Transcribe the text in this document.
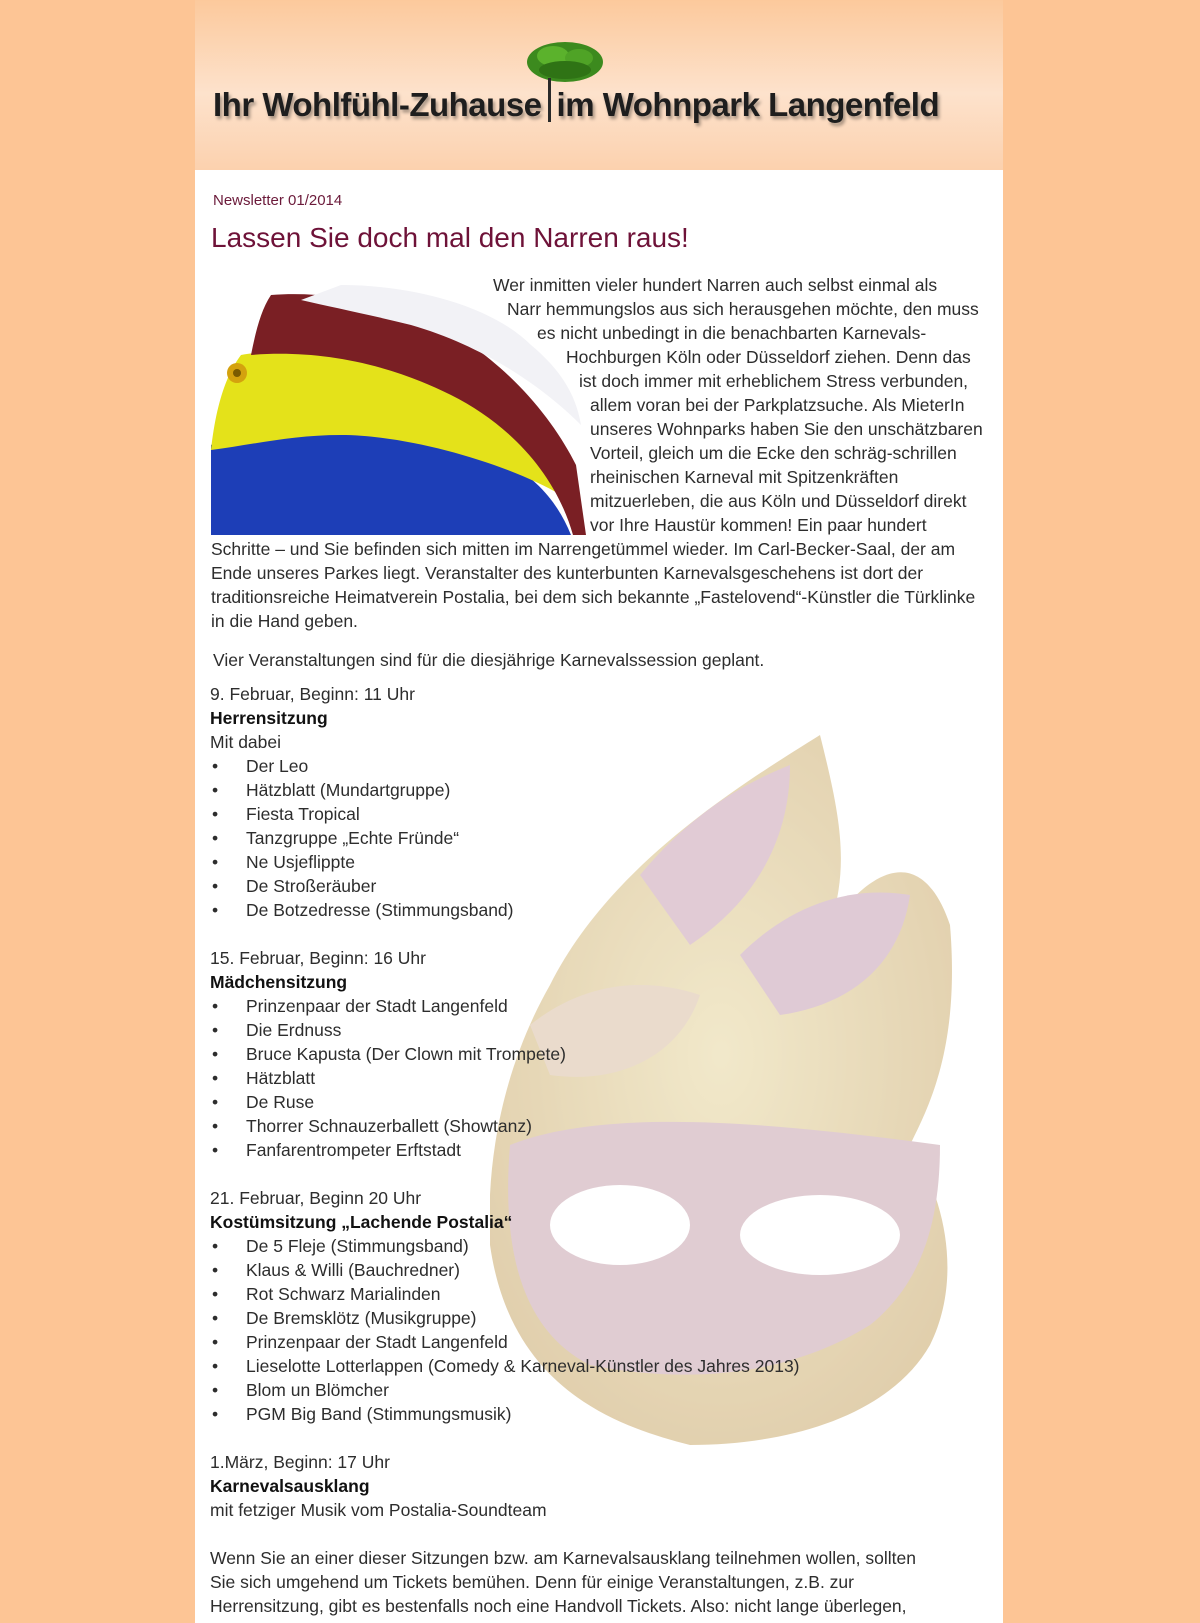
Ihr Wohlfühl-Zuhause im Wohnpark Langenfeld
Newsletter 01/2014
Lassen Sie doch mal den Narren raus!
Wer inmitten vieler hundert Narren auch selbst einmal als
Narr hemmungslos aus sich herausgehen möchte, den muss
es nicht unbedingt in die benachbarten Karnevals-
Hochburgen Köln oder Düsseldorf ziehen. Denn das
ist doch immer mit erheblichem Stress verbunden,
allem voran bei der Parkplatzsuche. Als MieterIn
unseres Wohnparks haben Sie den unschätzbaren
Vorteil, gleich um die Ecke den schräg-schrillen
rheinischen Karneval mit Spitzenkräften
mitzuerleben, die aus Köln und Düsseldorf direkt
vor Ihre Haustür kommen! Ein paar hundert
Schritte – und Sie befinden sich mitten im Narrengetümmel wieder. Im Carl-Becker-Saal, der am
Ende unseres Parkes liegt. Veranstalter des kunterbunten Karnevalsgeschehens ist dort der
traditionsreiche Heimatverein Postalia, bei dem sich bekannte „Fastelovend“-Künstler die Türklinke
in die Hand geben.
Vier Veranstaltungen sind für die diesjährige Karnevalssession geplant.
9. Februar, Beginn: 11 Uhr
Herrensitzung
Mit dabei
• Der Leo
• Hätzblatt (Mundartgruppe)
• Fiesta Tropical
• Tanzgruppe „Echte Fründe“
• Ne Usjeflippte
• De Stroßeräuber
• De Botzedresse (Stimmungsband)
15. Februar, Beginn: 16 Uhr
Mädchensitzung
• Prinzenpaar der Stadt Langenfeld
• Die Erdnuss
• Bruce Kapusta (Der Clown mit Trompete)
• Hätzblatt
• De Ruse
• Thorrer Schnauzerballett (Showtanz)
• Fanfarentrompeter Erftstadt
21. Februar, Beginn 20 Uhr
Kostümsitzung „Lachende Postalia“
• De 5 Fleje (Stimmungsband)
• Klaus & Willi (Bauchredner)
• Rot Schwarz Marialinden
• De Bremsklötz (Musikgruppe)
• Prinzenpaar der Stadt Langenfeld
• Lieselotte Lotterlappen (Comedy & Karneval-Künstler des Jahres 2013)
• Blom un Blömcher
• PGM Big Band (Stimmungsmusik)
1.März, Beginn: 17 Uhr
Karnevalsausklang
mit fetziger Musik vom Postalia-Soundteam
Wenn Sie an einer dieser Sitzungen bzw. am Karnevalsausklang teilnehmen wollen, sollten
Sie sich umgehend um Tickets bemühen. Denn für einige Veranstaltungen, z.B. zur
Herrensitzung, gibt es bestenfalls noch eine Handvoll Tickets. Also: nicht lange überlegen,
